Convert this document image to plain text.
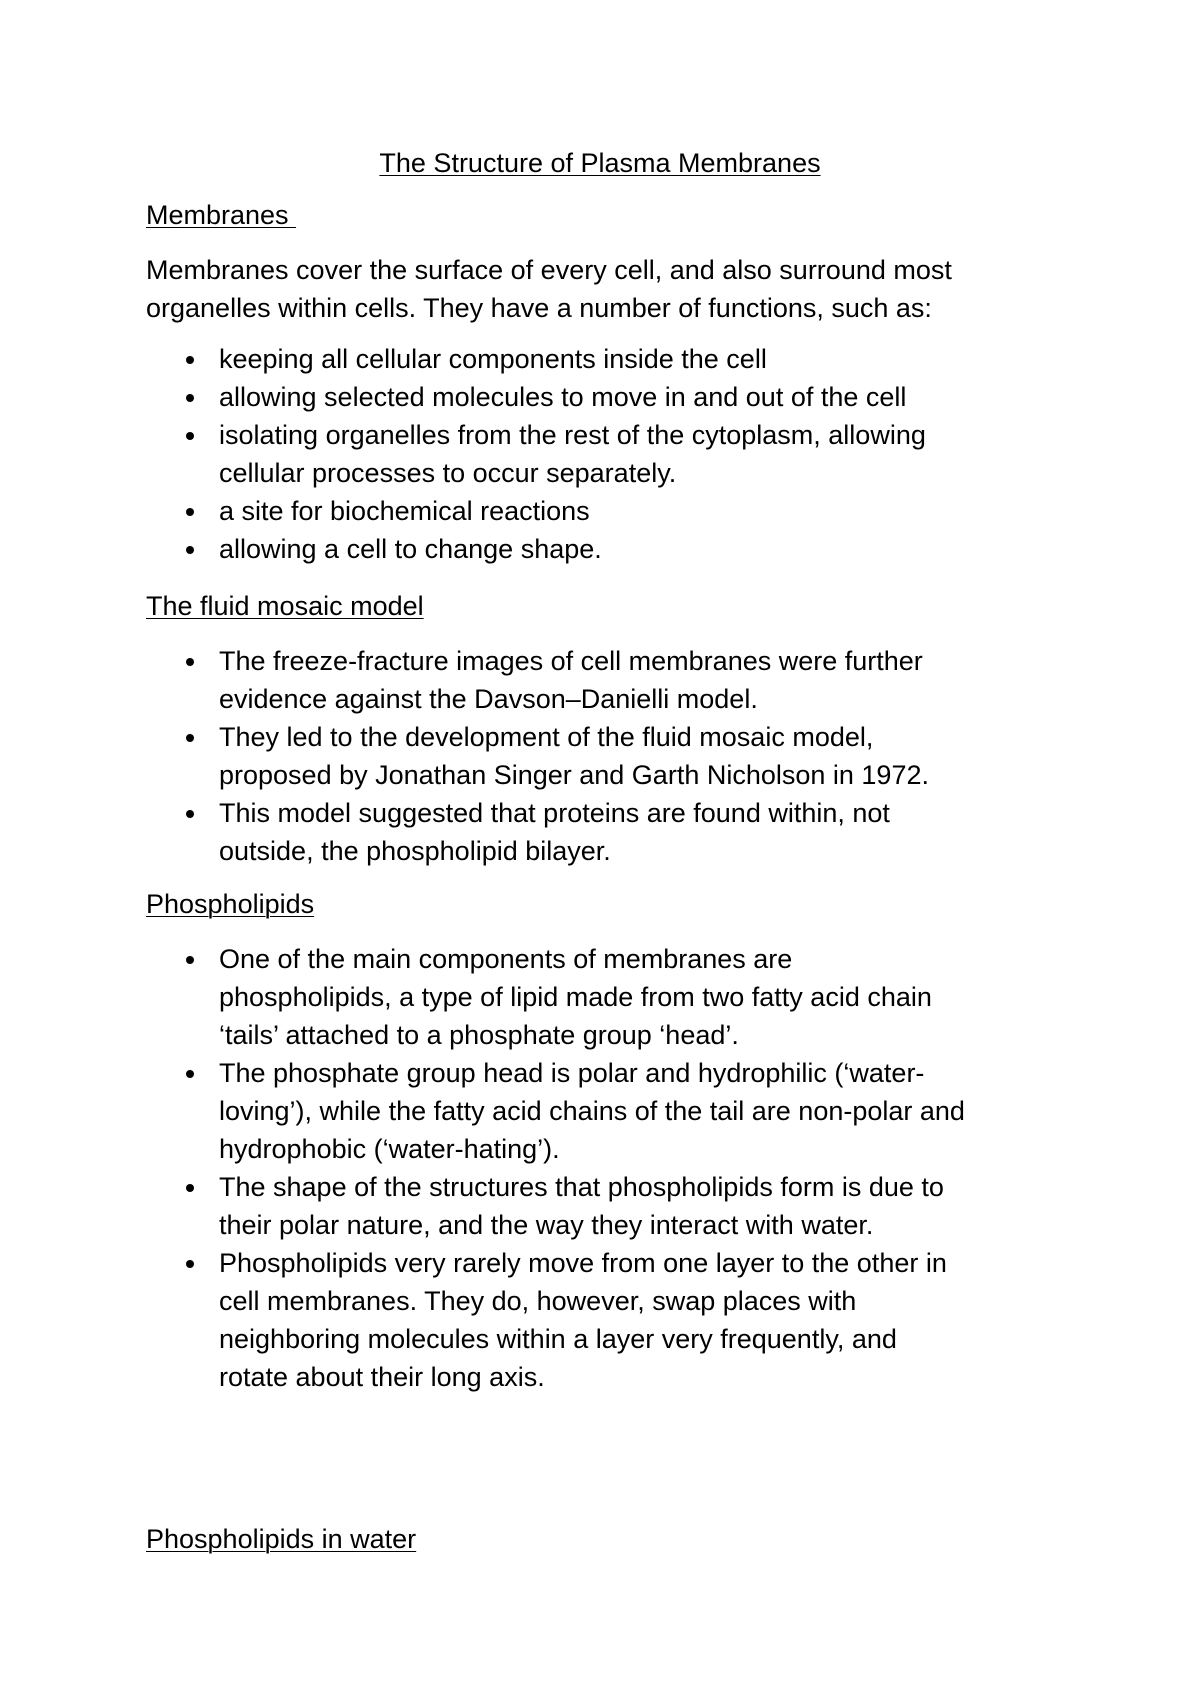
The Structure of Plasma Membranes

Membranes
Membranes cover the surface of every cell, and also surround most
organelles within cells. They have a number of functions, such as:
keeping all cellular components inside the cell
allowing selected molecules to move in and out of the cell
isolating organelles from the rest of the cytoplasm, allowing
cellular processes to occur separately.
a site for biochemical reactions
allowing a cell to change shape.
The fluid mosaic model
The freeze-fracture images of cell membranes were further
evidence against the Davson–Danielli model.
They led to the development of the fluid mosaic model,
proposed by Jonathan Singer and Garth Nicholson in 1972.
This model suggested that proteins are found within, not
outside, the phospholipid bilayer.
Phospholipids
One of the main components of membranes are
phospholipids, a type of lipid made from two fatty acid chain
‘tails’ attached to a phosphate group ‘head’.
The phosphate group head is polar and hydrophilic (‘water-
loving’), while the fatty acid chains of the tail are non-polar and
hydrophobic (‘water-hating’).
The shape of the structures that phospholipids form is due to
their polar nature, and the way they interact with water.
Phospholipids very rarely move from one layer to the other in
cell membranes. They do, however, swap places with
neighboring molecules within a layer very frequently, and
rotate about their long axis.
Phospholipids in water
